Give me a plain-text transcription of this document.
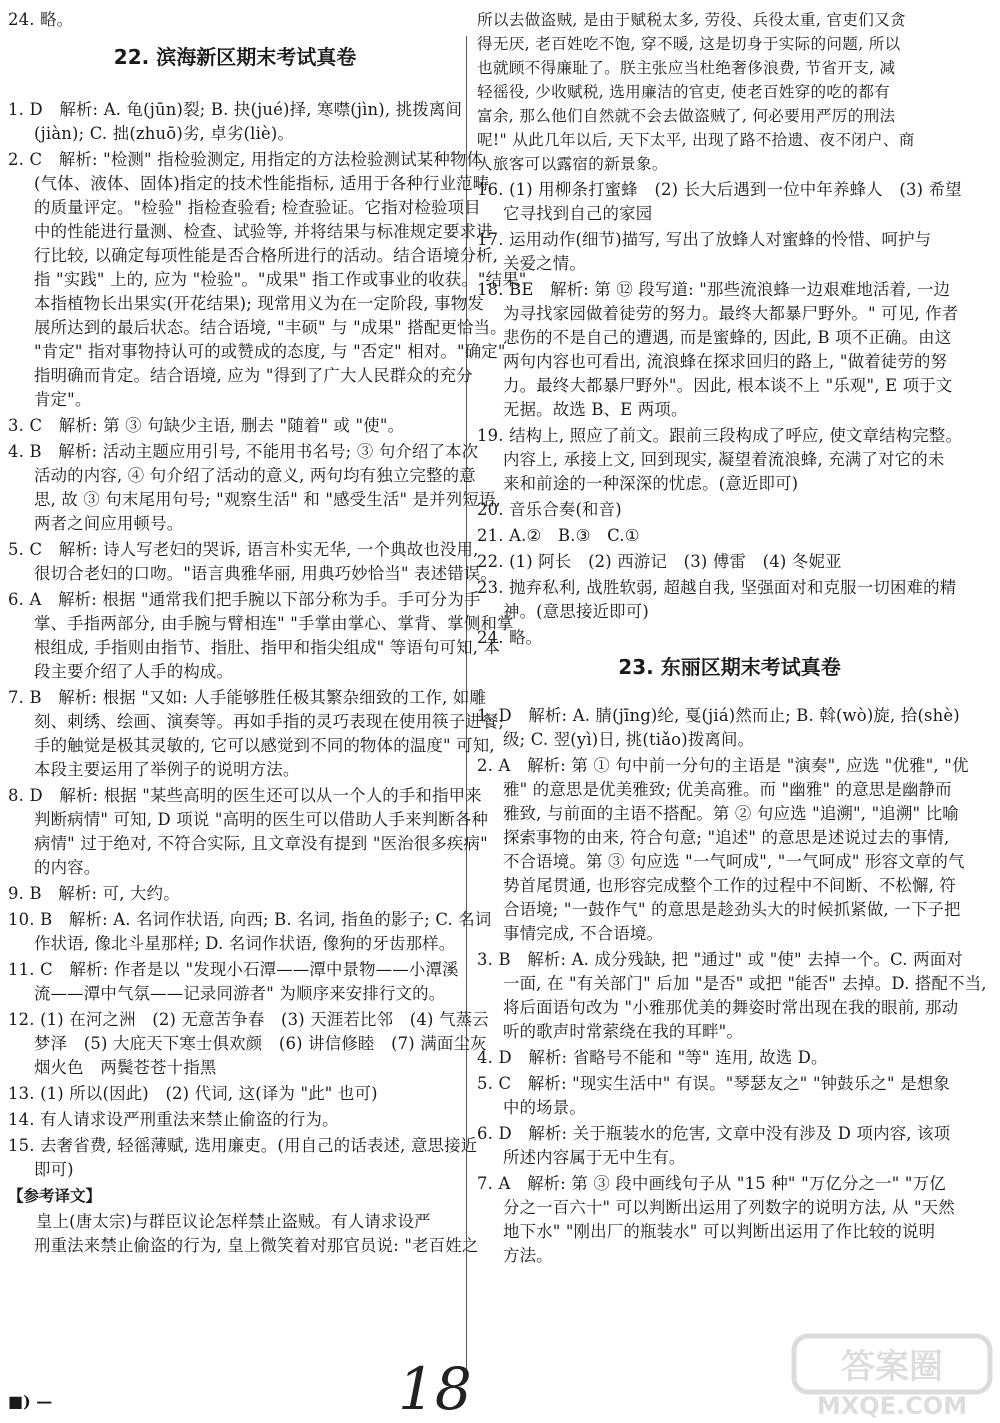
22. 滨海新区期末考试真卷
【参考译文】
24. 略。
1. D　解析: A. 龟(jūn)裂; B. 抉(jué)择, 寒噤(jìn), 挑拨离间
(jiàn); C. 拙(zhuō)劣, 卓劣(liè)。
2. C　解析: "检测" 指检验测定, 用指定的方法检验测试某种物体
(气体、液体、固体)指定的技术性能指标, 适用于各种行业范畴
的质量评定。"检验" 指检查验看; 检查验证。它指对检验项目
中的性能进行量测、检查、试验等, 并将结果与标准规定要求进
行比较, 以确定每项性能是否合格所进行的活动。结合语境分析,
指 "实践" 上的, 应为 "检验"。"成果" 指工作或事业的收获。"结果"
本指植物长出果实(开花结果); 现常用义为在一定阶段, 事物发
展所达到的最后状态。结合语境, "丰硕" 与 "成果" 搭配更恰当。
"肯定" 指对事物持认可的或赞成的态度, 与 "否定" 相对。"确定"
指明确而肯定。结合语境, 应为 "得到了广大人民群众的充分
肯定"。
3. C　解析: 第 ③ 句缺少主语, 删去 "随着" 或 "使"。
4. B　解析: 活动主题应用引号, 不能用书名号; ③ 句介绍了本次
活动的内容, ④ 句介绍了活动的意义, 两句均有独立完整的意
思, 故 ③ 句末尾用句号; "观察生活" 和 "感受生活" 是并列短语,
两者之间应用顿号。
5. C　解析: 诗人写老妇的哭诉, 语言朴实无华, 一个典故也没用,
很切合老妇的口吻。"语言典雅华丽, 用典巧妙恰当" 表述错误。
6. A　解析: 根据 "通常我们把手腕以下部分称为手。手可分为手
掌、手指两部分, 由手腕与臂相连" "手掌由掌心、掌背、掌侧和掌
根组成, 手指则由指节、指肚、指甲和指尖组成" 等语句可知, 本
段主要介绍了人手的构成。
7. B　解析: 根据 "又如: 人手能够胜任极其繁杂细致的工作, 如雕
刻、刺绣、绘画、演奏等。再如手指的灵巧表现在使用筷子进餐;
手的触觉是极其灵敏的, 它可以感觉到不同的物体的温度" 可知,
本段主要运用了举例子的说明方法。
8. D　解析: 根据 "某些高明的医生还可以从一个人的手和指甲来
判断病情" 可知, D 项说 "高明的医生可以借助人手来判断各种
病情" 过于绝对, 不符合实际, 且文章没有提到 "医治很多疾病"
的内容。
9. B　解析: 可, 大约。
10. B　解析: A. 名词作状语, 向西; B. 名词, 指鱼的影子; C. 名词
作状语, 像北斗星那样; D. 名词作状语, 像狗的牙齿那样。
11. C　解析: 作者是以 "发现小石潭——潭中景物——小潭溪
流——潭中气氛——记录同游者" 为顺序来安排行文的。
12. (1) 在河之洲　(2) 无意苦争春　(3) 天涯若比邻　(4) 气蒸云
梦泽　(5) 大庇天下寒士俱欢颜　(6) 讲信修睦　(7) 满面尘灰
烟火色　两鬓苍苍十指黑
13. (1) 所以(因此)　(2) 代词, 这(译为 "此" 也可)
14. 有人请求设严刑重法来禁止偷盗的行为。
15. 去奢省费, 轻徭薄赋, 选用廉吏。(用自己的话表述, 意思接近
即可)
皇上(唐太宗)与群臣议论怎样禁止盗贼。有人请求设严
刑重法来禁止偷盗的行为, 皇上微笑着对那官员说: "老百姓之
23. 东丽区期末考试真卷
所以去做盗贼, 是由于赋税太多, 劳役、兵役太重, 官吏们又贪
得无厌, 老百姓吃不饱, 穿不暖, 这是切身于实际的问题, 所以
也就顾不得廉耻了。朕主张应当杜绝奢侈浪费, 节省开支, 减
轻徭役, 少收赋税, 选用廉洁的官吏, 使老百姓穿的吃的都有
富余, 那么他们自然就不会去做盗贼了, 何必要用严厉的刑法
呢!" 从此几年以后, 天下太平, 出现了路不拾遗、夜不闭户、商
人旅客可以露宿的新景象。
16. (1) 用柳条打蜜蜂　(2) 长大后遇到一位中年养蜂人　(3) 希望
它寻找到自己的家园
17. 运用动作(细节)描写, 写出了放蜂人对蜜蜂的怜惜、呵护与
关爱之情。
18. BE　解析: 第 ⑫ 段写道: "那些流浪蜂一边艰难地活着, 一边
为寻找家园做着徒劳的努力。最终大都暴尸野外。" 可见, 作者
悲伤的不是自己的遭遇, 而是蜜蜂的, 因此, B 项不正确。由这
两句内容也可看出, 流浪蜂在探求回归的路上, "做着徒劳的努
力。最终大都暴尸野外"。因此, 根本谈不上 "乐观", E 项于文
无据。故选 B、E 两项。
19. 结构上, 照应了前文。跟前三段构成了呼应, 使文章结构完整。
内容上, 承接上文, 回到现实, 凝望着流浪蜂, 充满了对它的未
来和前途的一种深深的忧虑。(意近即可)
20. 音乐合奏(和音)
21. A.②　B.③　C.①
22. (1) 阿长　(2) 西游记　(3) 傅雷　(4) 冬妮亚
23. 抛弃私利, 战胜软弱, 超越自我, 坚强面对和克服一切困难的精
神。(意思接近即可)
24. 略。
1. D　解析: A. 腈(jīng)纶, 戛(jiá)然而止; B. 斡(wò)旋, 拾(shè)
级; C. 翌(yì)日, 挑(tiǎo)拨离间。
2. A　解析: 第 ① 句中前一分句的主语是 "演奏", 应选 "优雅", "优
雅" 的意思是优美雅致; 优美高雅。而 "幽雅" 的意思是幽静而
雅致, 与前面的主语不搭配。第 ② 句应选 "追溯", "追溯" 比喻
探索事物的由来, 符合句意; "追述" 的意思是述说过去的事情,
不合语境。第 ③ 句应选 "一气呵成", "一气呵成" 形容文章的气
势首尾贯通, 也形容完成整个工作的过程中不间断、不松懈, 符
合语境; "一鼓作气" 的意思是趁劲头大的时候抓紧做, 一下子把
事情完成, 不合语境。
3. B　解析: A. 成分残缺, 把 "通过" 或 "使" 去掉一个。C. 两面对
一面, 在 "有关部门" 后加 "是否" 或把 "能否" 去掉。D. 搭配不当,
将后面语句改为 "小雅那优美的舞姿时常出现在我的眼前, 那动
听的歌声时常萦绕在我的耳畔"。
4. D　解析: 省略号不能和 "等" 连用, 故选 D。
5. C　解析: "现实生活中" 有误。"琴瑟友之" "钟鼓乐之" 是想象
中的场景。
6. D　解析: 关于瓶装水的危害, 文章中没有涉及 D 项内容, 该项
所述内容属于无中生有。
7. A　解析: 第 ③ 段中画线句子从 "15 种" "万亿分之一" "万亿
分之一百六十" 可以判断出运用了列数字的说明方法, 从 "天然
地下水" "刚出厂的瓶装水" 可以判断出运用了作比较的说明
方法。
■) —	18	答案圈
MXQE.COM
